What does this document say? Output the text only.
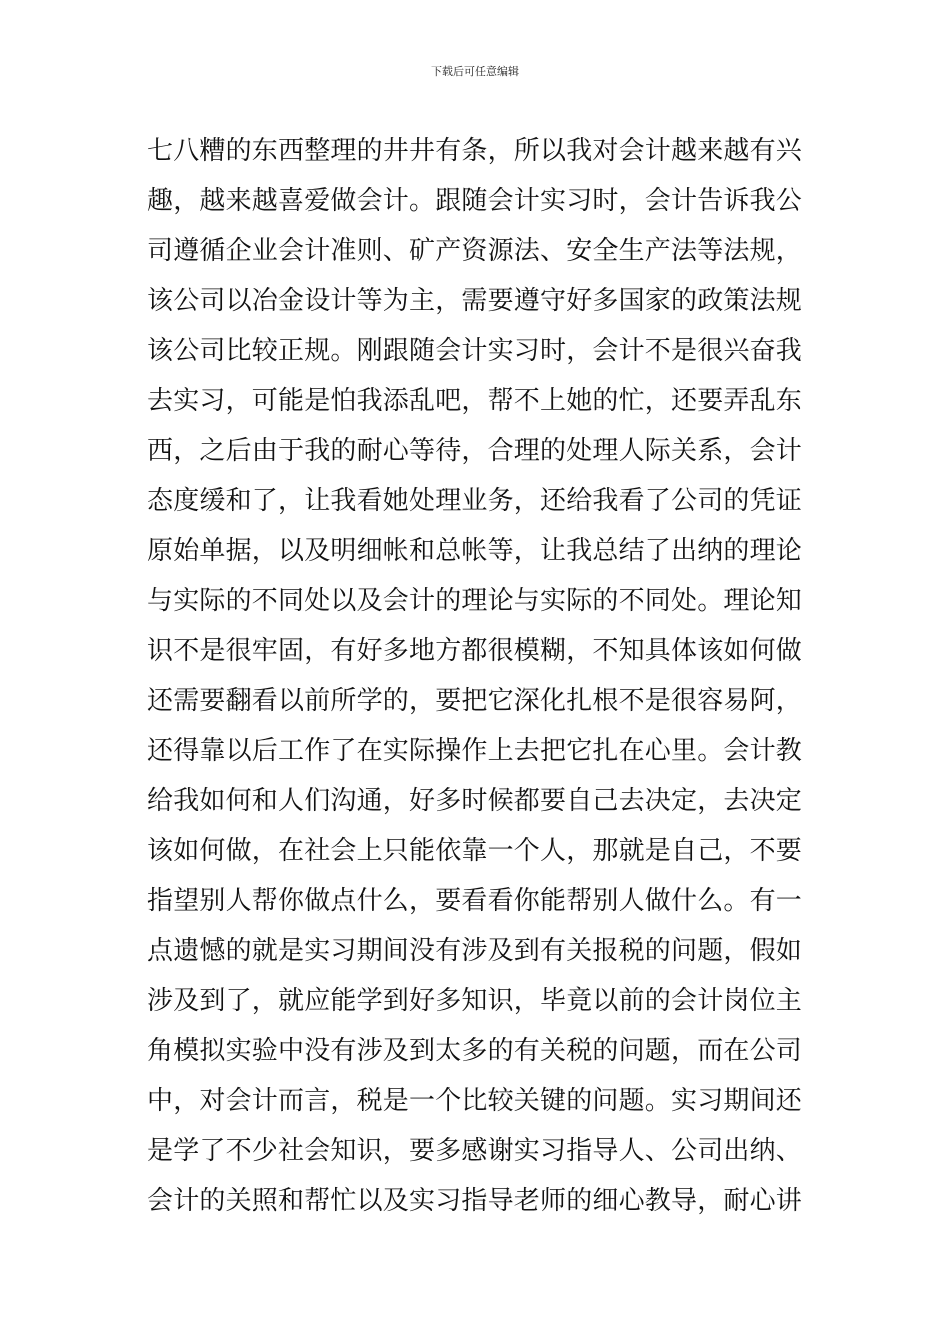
下载后可任意编辑
七八糟的东西整理的井井有条，所以我对会计越来越有兴
趣，越来越喜爱做会计。跟随会计实习时，会计告诉我公
司遵循企业会计准则、矿产资源法、安全生产法等法规，
该公司以冶金设计等为主，需要遵守好多国家的政策法规
该公司比较正规。刚跟随会计实习时，会计不是很兴奋我
去实习，可能是怕我添乱吧，帮不上她的忙，还要弄乱东
西，之后由于我的耐心等待，合理的处理人际关系，会计
态度缓和了，让我看她处理业务，还给我看了公司的凭证
原始单据，以及明细帐和总帐等，让我总结了出纳的理论
与实际的不同处以及会计的理论与实际的不同处。理论知
识不是很牢固，有好多地方都很模糊，不知具体该如何做
还需要翻看以前所学的，要把它深化扎根不是很容易阿，
还得靠以后工作了在实际操作上去把它扎在心里。会计教
给我如何和人们沟通，好多时候都要自己去决定，去决定
该如何做，在社会上只能依靠一个人，那就是自己，不要
指望别人帮你做点什么，要看看你能帮别人做什么。有一
点遗憾的就是实习期间没有涉及到有关报税的问题，假如
涉及到了，就应能学到好多知识，毕竟以前的会计岗位主
角模拟实验中没有涉及到太多的有关税的问题，而在公司
中，对会计而言，税是一个比较关键的问题。实习期间还
是学了不少社会知识，要多感谢实习指导人、公司出纳、
会计的关照和帮忙以及实习指导老师的细心教导，耐心讲
